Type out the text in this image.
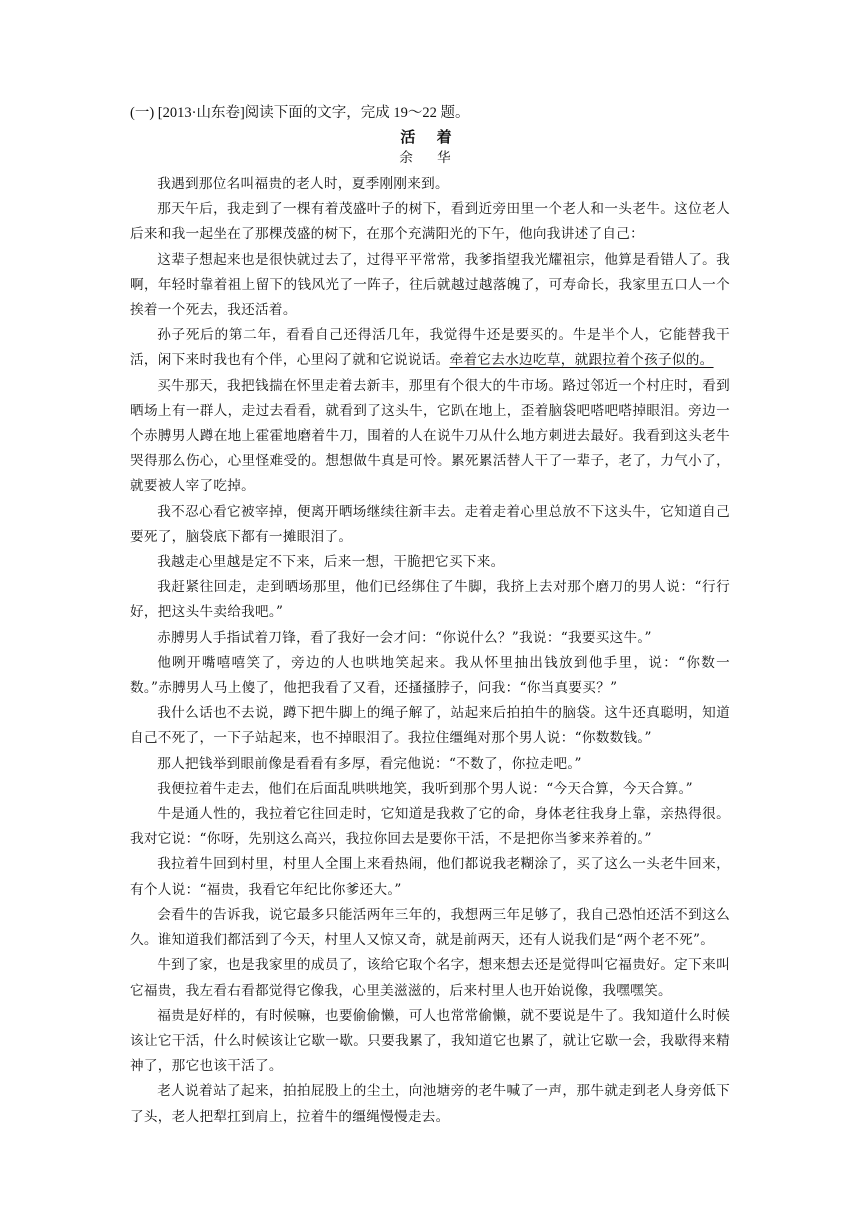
(一) [2013·山东卷]阅读下面的文字，完成 19～22 题。
活 着
余 华

我遇到那位名叫福贵的老人时，夏季刚刚来到。

那天午后，我走到了一棵有着茂盛叶子的树下，看到近旁田里一个老人和一头老牛。这位老人后来和我一起坐在了那棵茂盛的树下，在那个充满阳光的下午，他向我讲述了自己：

这辈子想起来也是很快就过去了，过得平平常常，我爹指望我光耀祖宗，他算是看错人了。我啊，年轻时靠着祖上留下的钱风光了一阵子，往后就越过越落魄了，可寿命长，我家里五口人一个挨着一个死去，我还活着。

孙子死后的第二年，看看自己还得活几年，我觉得牛还是要买的。牛是半个人，它能替我干活，闲下来时我也有个伴，心里闷了就和它说说话。牵着它去水边吃草，就跟拉着个孩子似的。

买牛那天，我把钱揣在怀里走着去新丰，那里有个很大的牛市场。路过邻近一个村庄时，看到晒场上有一群人，走过去看看，就看到了这头牛，它趴在地上，歪着脑袋吧嗒吧嗒掉眼泪。旁边一个赤膊男人蹲在地上霍霍地磨着牛刀，围着的人在说牛刀从什么地方刺进去最好。我看到这头老牛哭得那么伤心，心里怪难受的。想想做牛真是可怜。累死累活替人干了一辈子，老了，力气小了，就要被人宰了吃掉。

我不忍心看它被宰掉，便离开晒场继续往新丰去。走着走着心里总放不下这头牛，它知道自己要死了，脑袋底下都有一摊眼泪了。

我越走心里越是定不下来，后来一想，干脆把它买下来。

我赶紧往回走，走到晒场那里，他们已经绑住了牛脚，我挤上去对那个磨刀的男人说：“行行好，把这头牛卖给我吧。”

赤膊男人手指试着刀锋，看了我好一会才问：“你说什么？”我说：“我要买这牛。”

他咧开嘴嘻嘻笑了，旁边的人也哄地笑起来。我从怀里抽出钱放到他手里，说：“你数一数。”赤膊男人马上傻了，他把我看了又看，还搔搔脖子，问我：“你当真要买？”

我什么话也不去说，蹲下把牛脚上的绳子解了，站起来后拍拍牛的脑袋。这牛还真聪明，知道自己不死了，一下子站起来，也不掉眼泪了。我拉住缰绳对那个男人说：“你数数钱。”

那人把钱举到眼前像是看看有多厚，看完他说：“不数了，你拉走吧。”

我便拉着牛走去，他们在后面乱哄哄地笑，我听到那个男人说：“今天合算，今天合算。”

牛是通人性的，我拉着它往回走时，它知道是我救了它的命，身体老往我身上靠，亲热得很。我对它说：“你呀，先别这么高兴，我拉你回去是要你干活，不是把你当爹来养着的。”

我拉着牛回到村里，村里人全围上来看热闹，他们都说我老糊涂了，买了这么一头老牛回来，有个人说：“福贵，我看它年纪比你爹还大。”

会看牛的告诉我，说它最多只能活两年三年的，我想两三年足够了，我自己恐怕还活不到这么久。谁知道我们都活到了今天，村里人又惊又奇，就是前两天，还有人说我们是“两个老不死”。

牛到了家，也是我家里的成员了，该给它取个名字，想来想去还是觉得叫它福贵好。定下来叫它福贵，我左看右看都觉得它像我，心里美滋滋的，后来村里人也开始说像，我嘿嘿笑。

福贵是好样的，有时候嘛，也要偷偷懒，可人也常常偷懒，就不要说是牛了。我知道什么时候该让它干活，什么时候该让它歇一歇。只要我累了，我知道它也累了，就让它歇一会，我歇得来精神了，那它也该干活了。

老人说着站了起来，拍拍屁股上的尘土，向池塘旁的老牛喊了一声，那牛就走到老人身旁低下了头，老人把犁扛到肩上，拉着牛的缰绳慢慢走去。
